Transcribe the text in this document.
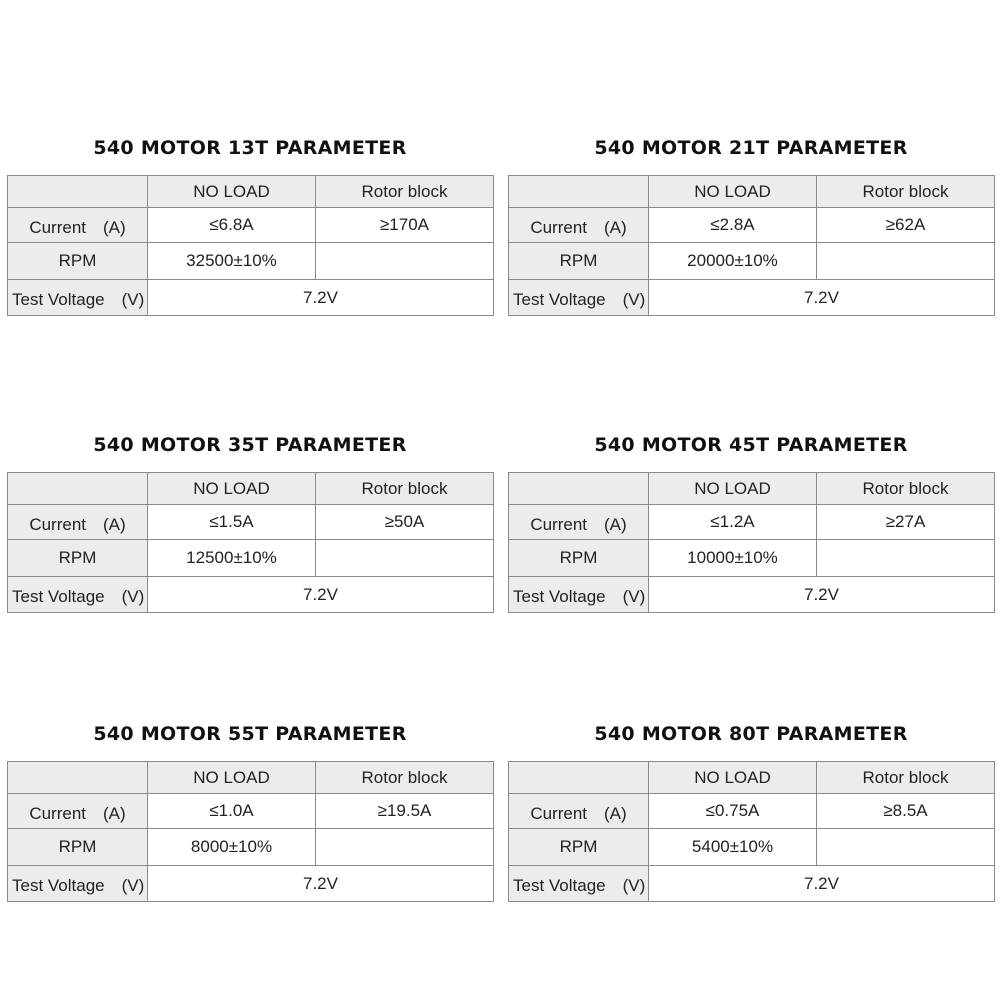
540 MOTOR 13T PARAMETER
	NO LOAD	Rotor block
Current　(A)	≤6.8A	≥170A
RPM	32500±10%	
Test Voltage　(V)	7.2V	
540 MOTOR 21T PARAMETER
	NO LOAD	Rotor block
Current　(A)	≤2.8A	≥62A
RPM	20000±10%	
Test Voltage　(V)	7.2V	
540 MOTOR 35T PARAMETER
	NO LOAD	Rotor block
Current　(A)	≤1.5A	≥50A
RPM	12500±10%	
Test Voltage　(V)	7.2V	
540 MOTOR 45T PARAMETER
	NO LOAD	Rotor block
Current　(A)	≤1.2A	≥27A
RPM	10000±10%	
Test Voltage　(V)	7.2V	
540 MOTOR 55T PARAMETER
	NO LOAD	Rotor block
Current　(A)	≤1.0A	≥19.5A
RPM	8000±10%	
Test Voltage　(V)	7.2V	
540 MOTOR 80T PARAMETER
	NO LOAD	Rotor block
Current　(A)	≤0.75A	≥8.5A
RPM	5400±10%	
Test Voltage　(V)	7.2V	
